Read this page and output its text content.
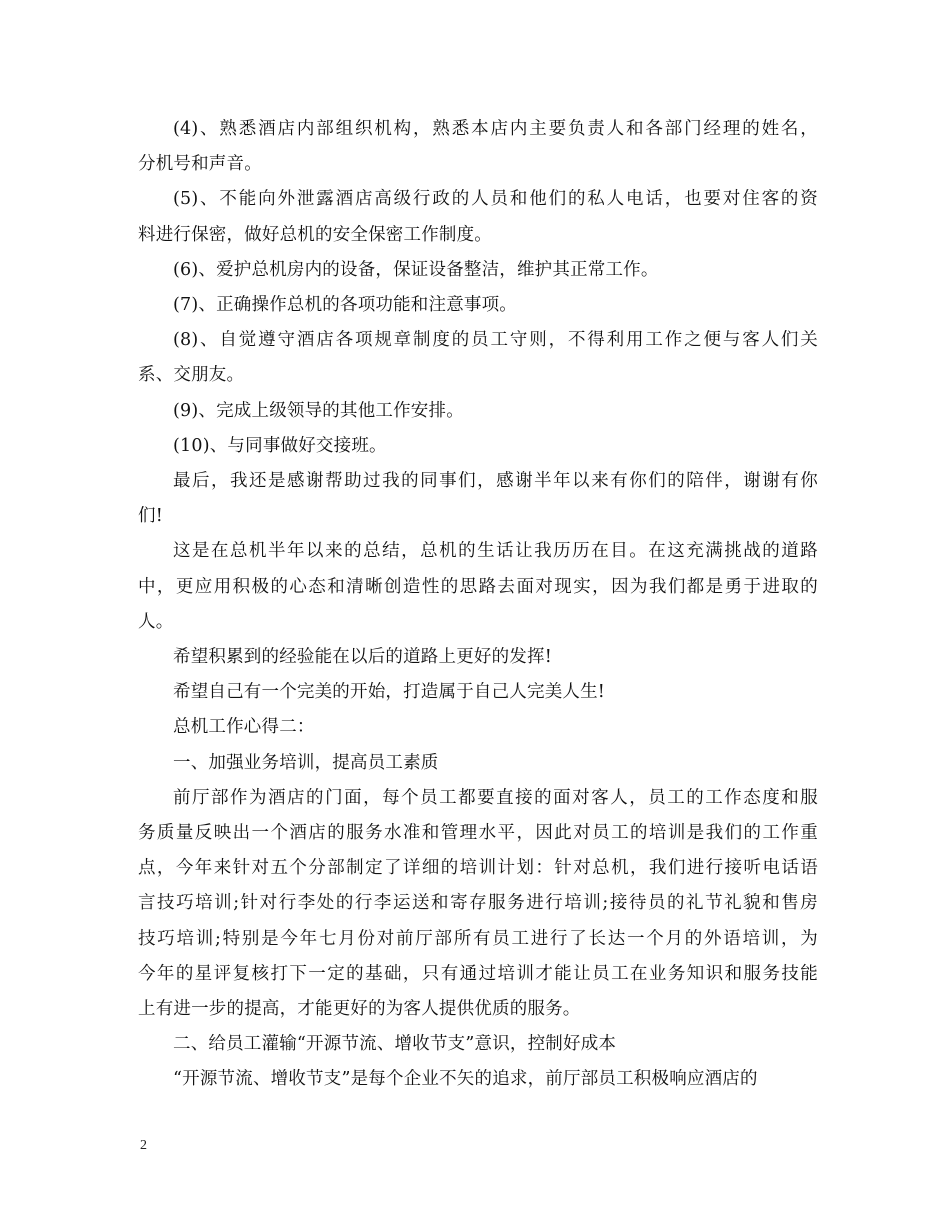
(4)、熟悉酒店内部组织机构，熟悉本店内主要负责人和各部门经理的姓名，
分机号和声音。
(5)、不能向外泄露酒店高级行政的人员和他们的私人电话，也要对住客的资
料进行保密，做好总机的安全保密工作制度。
(6)、爱护总机房内的设备，保证设备整洁，维护其正常工作。
(7)、正确操作总机的各项功能和注意事项。
(8)、自觉遵守酒店各项规章制度的员工守则，不得利用工作之便与客人们关
系、交朋友。
(9)、完成上级领导的其他工作安排。
(10)、与同事做好交接班。
最后，我还是感谢帮助过我的同事们，感谢半年以来有你们的陪伴，谢谢有你
们!
这是在总机半年以来的总结，总机的生话让我历历在目。在这充满挑战的道路
中，更应用积极的心态和清晰创造性的思路去面对现实，因为我们都是勇于进取的
人。
希望积累到的经验能在以后的道路上更好的发挥!
希望自己有一个完美的开始，打造属于自己人完美人生!
总机工作心得二：
一、加强业务培训，提高员工素质
前厅部作为酒店的门面，每个员工都要直接的面对客人，员工的工作态度和服
务质量反映出一个酒店的服务水准和管理水平，因此对员工的培训是我们的工作重
点，今年来针对五个分部制定了详细的培训计划：针对总机，我们进行接听电话语
言技巧培训;针对行李处的行李运送和寄存服务进行培训;接待员的礼节礼貌和售房
技巧培训;特别是今年七月份对前厅部所有员工进行了长达一个月的外语培训，为
今年的星评复核打下一定的基础，只有通过培训才能让员工在业务知识和服务技能
上有进一步的提高，才能更好的为客人提供优质的服务。
二、给员工灌输“开源节流、增收节支”意识，控制好成本
“开源节流、增收节支”是每个企业不矢的追求，前厅部员工积极响应酒店的
2
